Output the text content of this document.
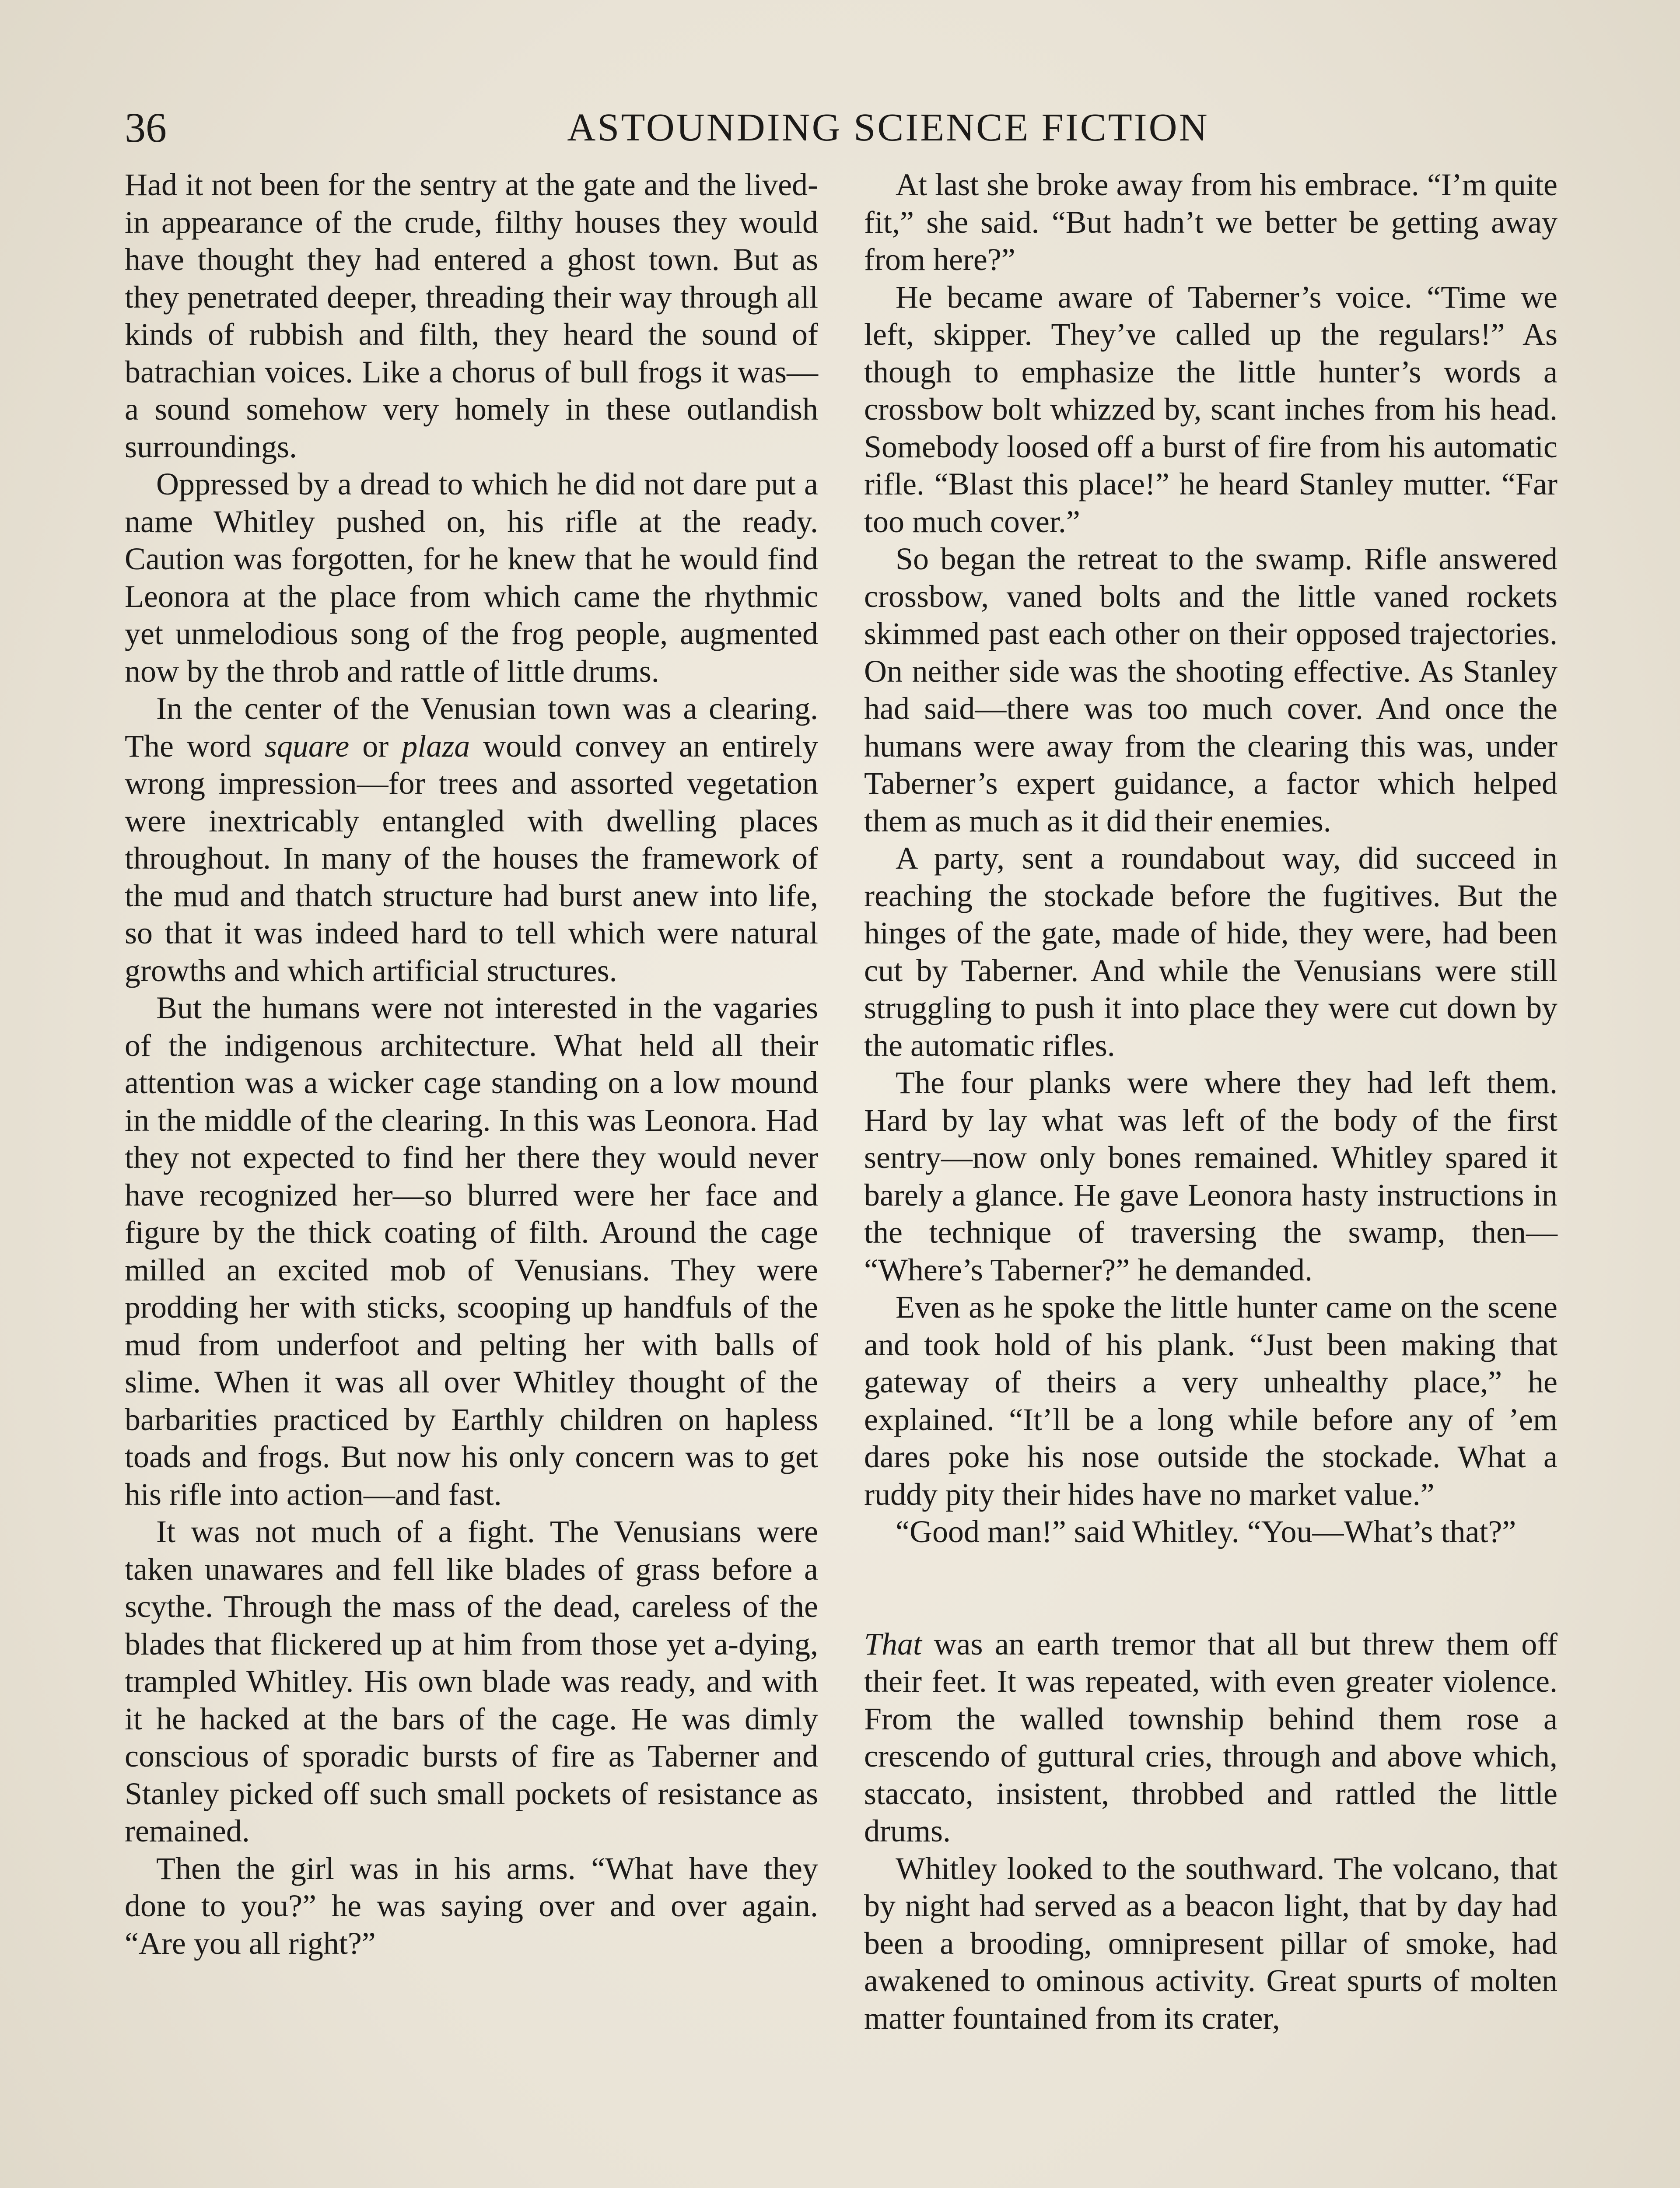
36	ASTOUNDING SCIENCE FICTION

Had it not been for the sentry at the gate and the lived-in appearance of the crude, filthy houses they would have thought they had entered a ghost town. But as they penetrated deeper, threading their way through all kinds of rubbish and filth, they heard the sound of batrachian voices. Like a chorus of bull frogs it was—a sound somehow very homely in these outlandish surroundings.

Oppressed by a dread to which he did not dare put a name Whitley pushed on, his rifle at the ready. Caution was forgotten, for he knew that he would find Leonora at the place from which came the rhythmic yet unmelodious song of the frog people, augmented now by the throb and rattle of little drums.

In the center of the Venusian town was a clearing. The word square or plaza would convey an entirely wrong impression—for trees and assorted vegetation were inextricably entangled with dwelling places throughout. In many of the houses the framework of the mud and thatch structure had burst anew into life, so that it was indeed hard to tell which were natural growths and which artificial structures.

But the humans were not interested in the vagaries of the indigenous architecture. What held all their attention was a wicker cage standing on a low mound in the middle of the clearing. In this was Leonora. Had they not expected to find her there they would never have recognized her—so blurred were her face and figure by the thick coating of filth. Around the cage milled an excited mob of Venusians. They were prodding her with sticks, scooping up handfuls of the mud from underfoot and pelting her with balls of slime. When it was all over Whitley thought of the barbarities practiced by Earthly children on hapless toads and frogs. But now his only concern was to get his rifle into action—and fast.

It was not much of a fight. The Venusians were taken unawares and fell like blades of grass before a scythe. Through the mass of the dead, careless of the blades that flickered up at him from those yet a-dying, trampled Whitley. His own blade was ready, and with it he hacked at the bars of the cage. He was dimly conscious of sporadic bursts of fire as Taberner and Stanley picked off such small pockets of resistance as remained.

Then the girl was in his arms. “What have they done to you?” he was saying over and over again. “Are you all right?”

At last she broke away from his embrace. “I’m quite fit,” she said. “But hadn’t we better be getting away from here?”

He became aware of Taberner’s voice. “Time we left, skipper. They’ve called up the regulars!” As though to emphasize the little hunter’s words a crossbow bolt whizzed by, scant inches from his head. Somebody loosed off a burst of fire from his automatic rifle. “Blast this place!” he heard Stanley mutter. “Far too much cover.”

So began the retreat to the swamp. Rifle answered crossbow, vaned bolts and the little vaned rockets skimmed past each other on their opposed trajectories. On neither side was the shooting effective. As Stanley had said—there was too much cover. And once the humans were away from the clearing this was, under Taberner’s expert guidance, a factor which helped them as much as it did their enemies.

A party, sent a roundabout way, did succeed in reaching the stockade before the fugitives. But the hinges of the gate, made of hide, they were, had been cut by Taberner. And while the Venusians were still struggling to push it into place they were cut down by the automatic rifles.

The four planks were where they had left them. Hard by lay what was left of the body of the first sentry—now only bones remained. Whitley spared it barely a glance. He gave Leonora hasty instructions in the technique of traversing the swamp, then— “Where’s Taberner?” he demanded.

Even as he spoke the little hunter came on the scene and took hold of his plank. “Just been making that gateway of theirs a very unhealthy place,” he explained. “It’ll be a long while before any of ’em dares poke his nose outside the stockade. What a ruddy pity their hides have no market value.”

“Good man!” said Whitley. “You—What’s that?”

That was an earth tremor that all but threw them off their feet. It was repeated, with even greater violence. From the walled township behind them rose a crescendo of guttural cries, through and above which, staccato, insistent, throbbed and rattled the little drums.

Whitley looked to the southward. The volcano, that by night had served as a beacon light, that by day had been a brooding, omnipresent pillar of smoke, had awakened to ominous activity. Great spurts of molten matter fountained from its crater,
